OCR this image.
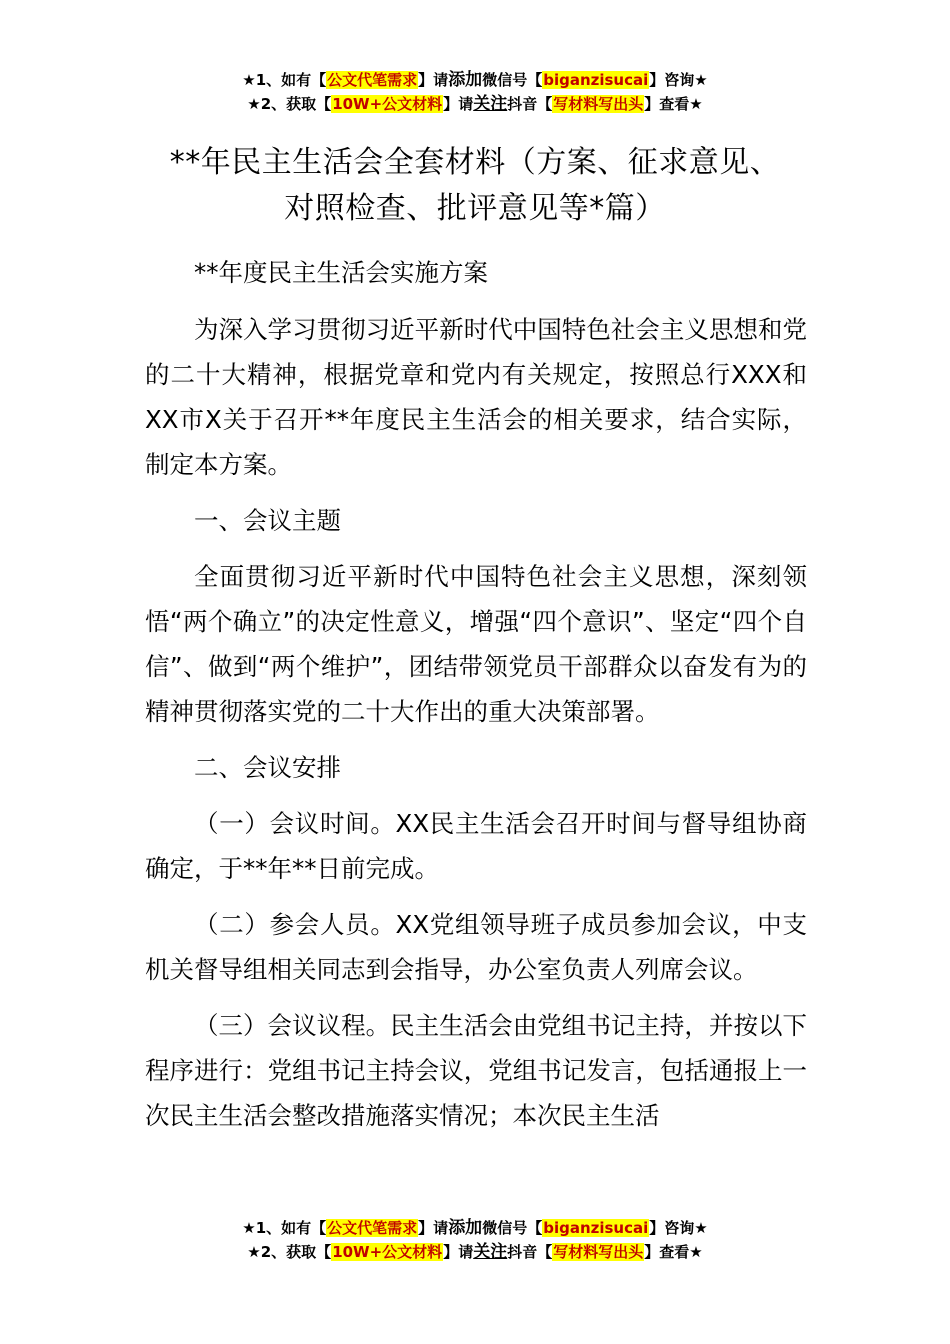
★1、如有【公文代笔需求】请添加微信号【biganzisucai】咨询★
★2、获取【10W+公文材料】请关注抖音【写材料写出头】查看★
**年民主生活会全套材料（方案、征求意见、
对照检查、批评意见等*篇）

**年度民主生活会实施方案

为深入学习贯彻习近平新时代中国特色社会主义思想和党的二十大精神，根据党章和党内有关规定，按照总行XXX和XX市X关于召开**年度民主生活会的相关要求，结合实际，制定本方案。

一、会议主题

全面贯彻习近平新时代中国特色社会主义思想，深刻领悟“两个确立”的决定性意义，增强“四个意识”、坚定“四个自信”、做到“两个维护”，团结带领党员干部群众以奋发有为的精神贯彻落实党的二十大作出的重大决策部署。

二、会议安排

（一）会议时间。XX民主生活会召开时间与督导组协商确定，于**年**日前完成。

（二）参会人员。XX党组领导班子成员参加会议，中支机关督导组相关同志到会指导，办公室负责人列席会议。

（三）会议议程。民主生活会由党组书记主持，并按以下程序进行：党组书记主持会议，党组书记发言，包括通报上一次民主生活会整改措施落实情况；本次民主生活

★1、如有【公文代笔需求】请添加微信号【biganzisucai】咨询★
★2、获取【10W+公文材料】请关注抖音【写材料写出头】查看★
